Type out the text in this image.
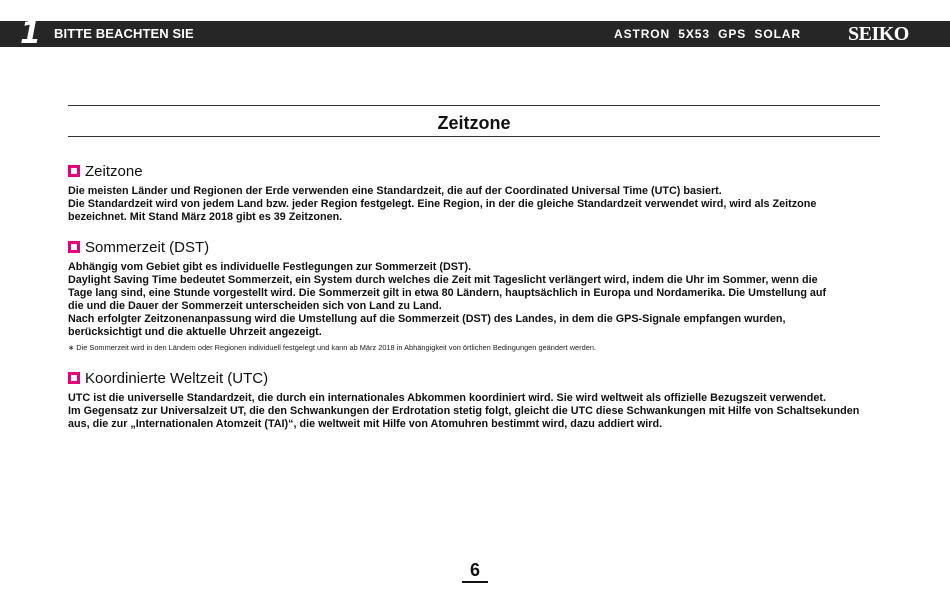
1	BITTE BEACHTEN SIE	ASTRON 5X53 GPS SOLAR SEIKO
Zeitzone
Zeitzone

Die meisten Länder und Regionen der Erde verwenden eine Standardzeit, die auf der Coordinated Universal Time (UTC) basiert.
Die Standardzeit wird von jedem Land bzw. jeder Region festgelegt. Eine Region, in der die gleiche Standardzeit verwendet wird, wird als Zeitzone
bezeichnet. Mit Stand März 2018 gibt es 39 Zeitzonen.

Sommerzeit (DST)

Abhängig vom Gebiet gibt es individuelle Festlegungen zur Sommerzeit (DST).
Daylight Saving Time bedeutet Sommerzeit, ein System durch welches die Zeit mit Tageslicht verlängert wird, indem die Uhr im Sommer, wenn die
Tage lang sind, eine Stunde vorgestellt wird. Die Sommerzeit gilt in etwa 80 Ländern, hauptsächlich in Europa und Nordamerika. Die Umstellung auf
die und die Dauer der Sommerzeit unterscheiden sich von Land zu Land.
Nach erfolgter Zeitzonenanpassung wird die Umstellung auf die Sommerzeit (DST) des Landes, in dem die GPS-Signale empfangen wurden,
berücksichtigt und die aktuelle Uhrzeit angezeigt.

∗ Die Sommerzeit wird in den Ländern oder Regionen individuell festgelegt und kann ab März 2018 in Abhängigkeit von örtlichen Bedingungen geändert werden.

Koordinierte Weltzeit (UTC)

UTC ist die universelle Standardzeit, die durch ein internationales Abkommen koordiniert wird. Sie wird weltweit als offizielle Bezugszeit verwendet.
Im Gegensatz zur Universalzeit UT, die den Schwankungen der Erdrotation stetig folgt, gleicht die UTC diese Schwankungen mit Hilfe von Schaltsekunden
aus, die zur „Internationalen Atomzeit (TAI)“, die weltweit mit Hilfe von Atomuhren bestimmt wird, dazu addiert wird.

6
